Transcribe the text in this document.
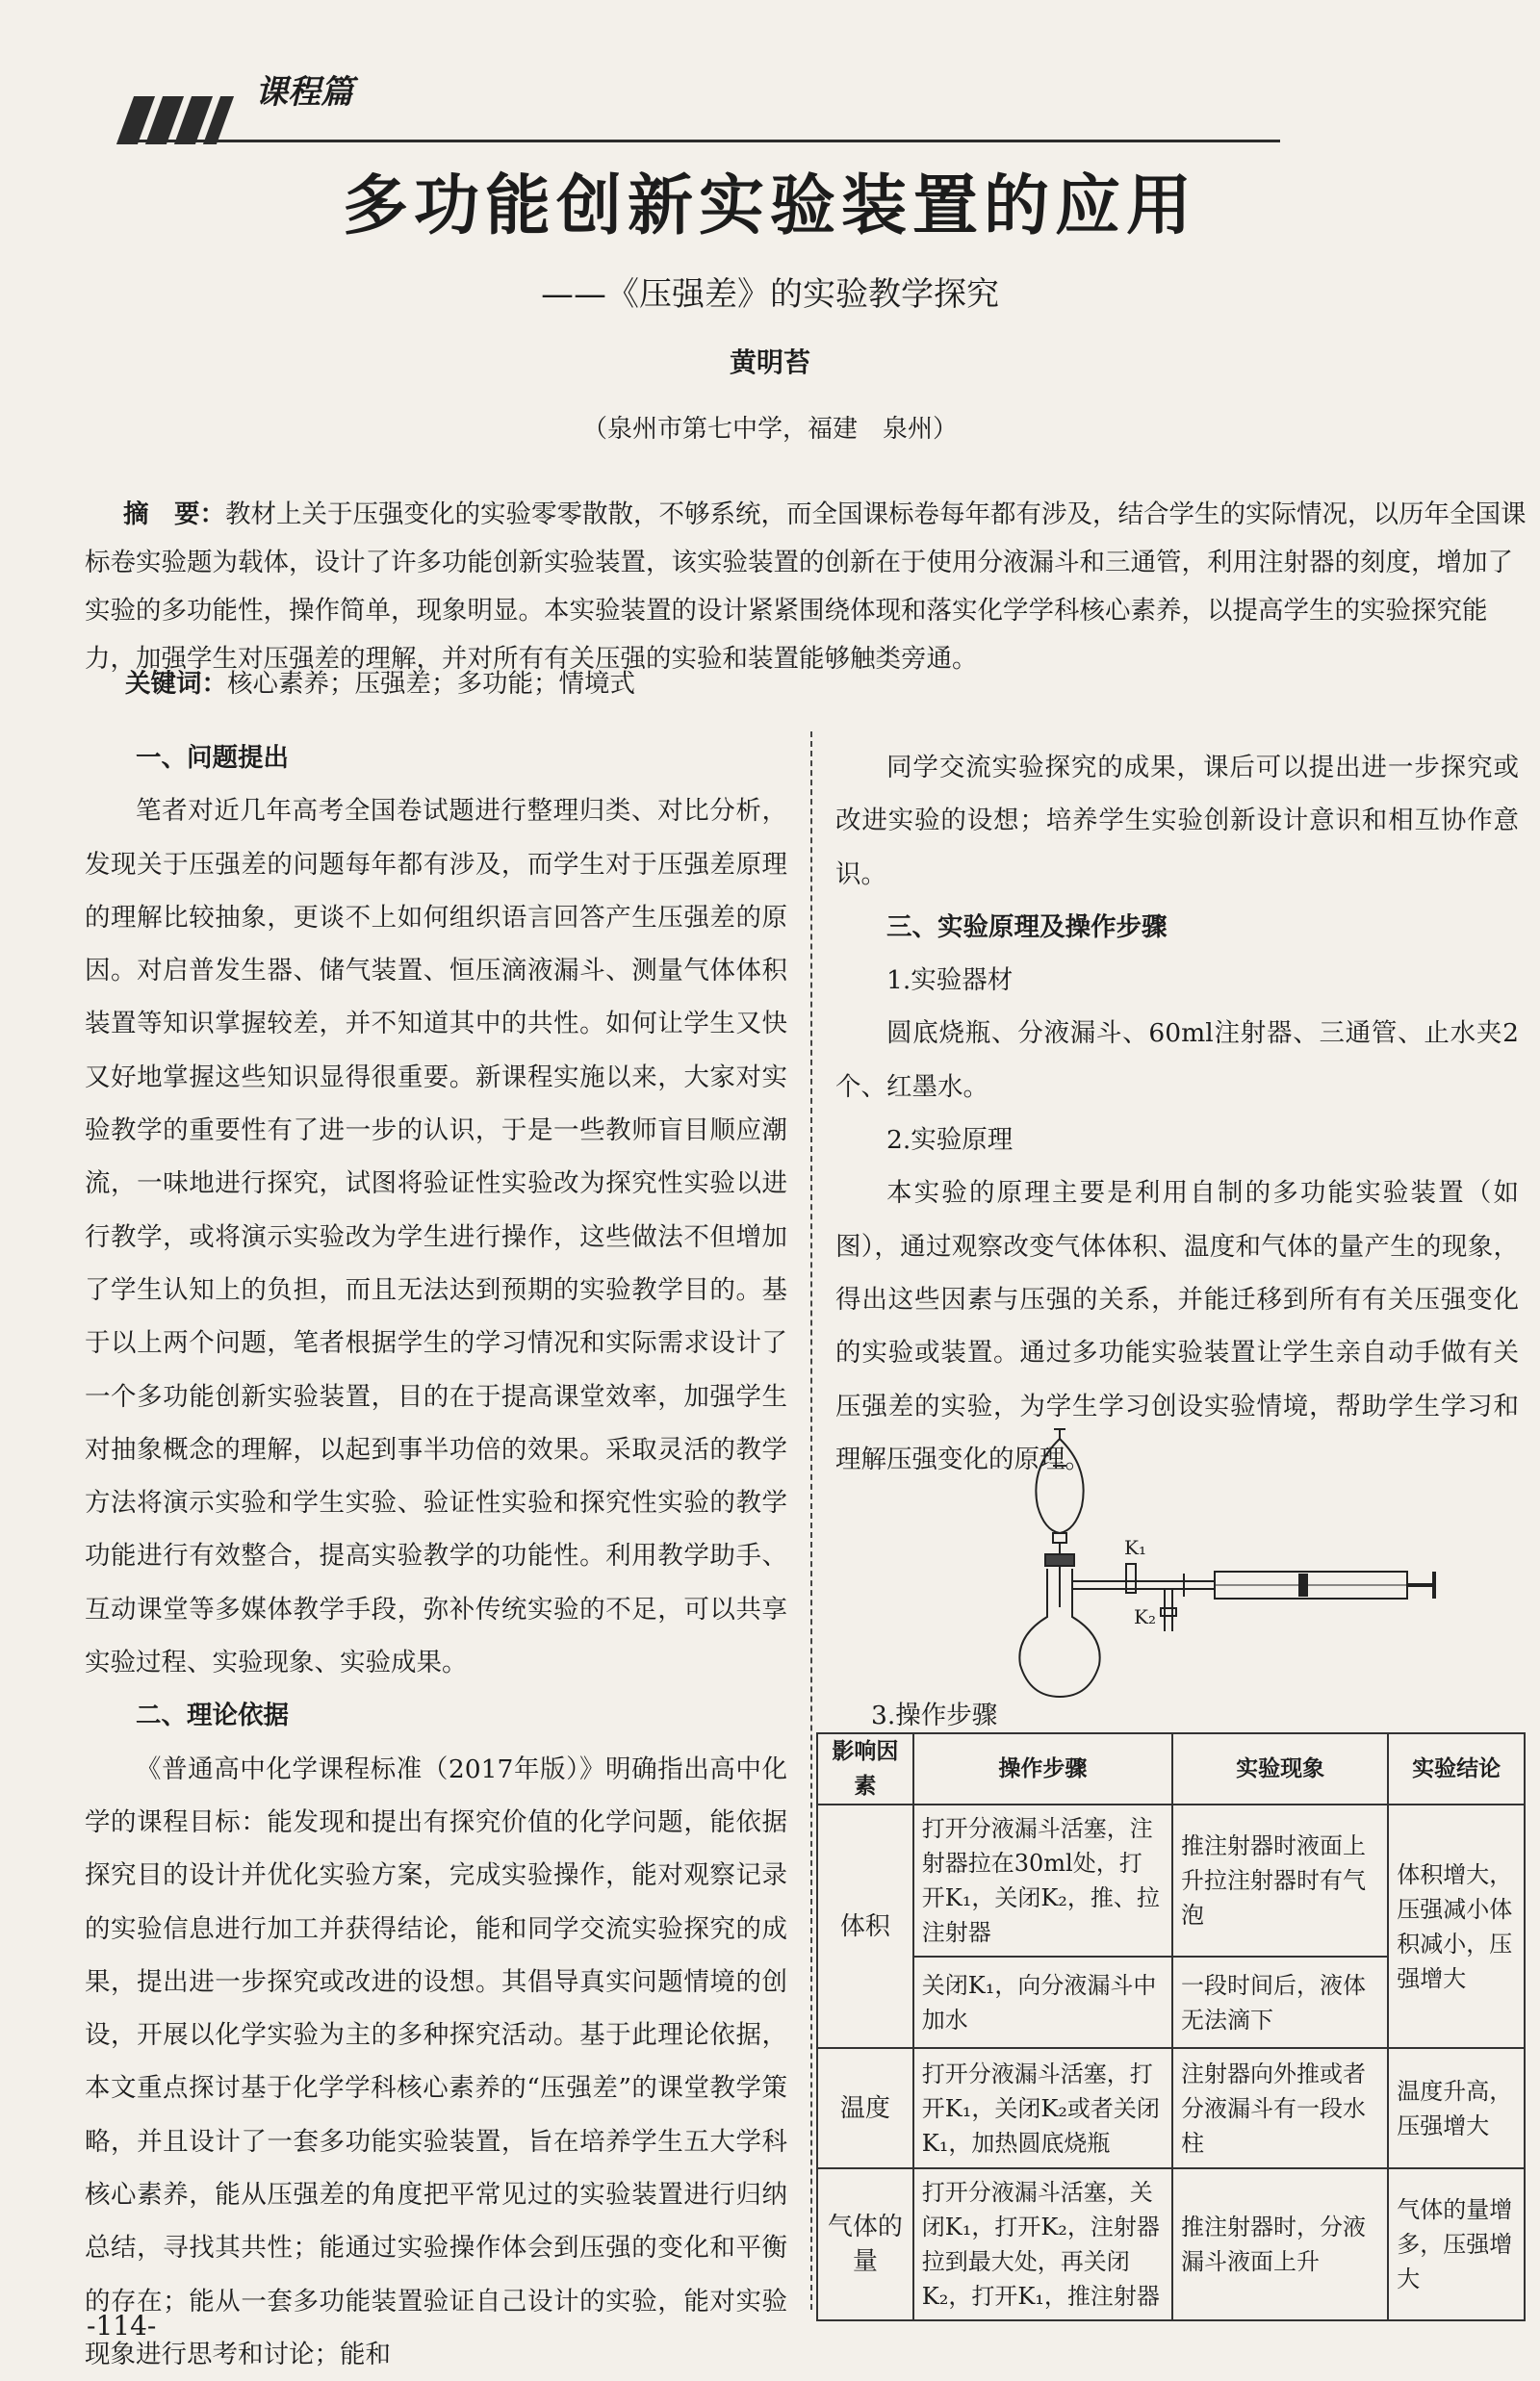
课程篇
多功能创新实验装置的应用
——《压强差》的实验教学探究
黄明苔
（泉州市第七中学，福建　泉州）
摘　要：教材上关于压强变化的实验零零散散，不够系统，而全国课标卷每年都有涉及，结合学生的实际情况，以历年全国课标卷实验题为载体，设计了许多功能创新实验装置，该实验装置的创新在于使用分液漏斗和三通管，利用注射器的刻度，增加了实验的多功能性，操作简单，现象明显。本实验装置的设计紧紧围绕体现和落实化学学科核心素养，以提高学生的实验探究能力，加强学生对压强差的理解，并对所有有关压强的实验和装置能够触类旁通。
关键词：核心素养；压强差；多功能；情境式
一、问题提出

笔者对近几年高考全国卷试题进行整理归类、对比分析，发现关于压强差的问题每年都有涉及，而学生对于压强差原理的理解比较抽象，更谈不上如何组织语言回答产生压强差的原因。对启普发生器、储气装置、恒压滴液漏斗、测量气体体积装置等知识掌握较差，并不知道其中的共性。如何让学生又快又好地掌握这些知识显得很重要。新课程实施以来，大家对实验教学的重要性有了进一步的认识，于是一些教师盲目顺应潮流，一味地进行探究，试图将验证性实验改为探究性实验以进行教学，或将演示实验改为学生进行操作，这些做法不但增加了学生认知上的负担，而且无法达到预期的实验教学目的。基于以上两个问题，笔者根据学生的学习情况和实际需求设计了一个多功能创新实验装置，目的在于提高课堂效率，加强学生对抽象概念的理解，以起到事半功倍的效果。采取灵活的教学方法将演示实验和学生实验、验证性实验和探究性实验的教学功能进行有效整合，提高实验教学的功能性。利用教学助手、互动课堂等多媒体教学手段，弥补传统实验的不足，可以共享实验过程、实验现象、实验成果。

二、理论依据

《普通高中化学课程标准（2017年版）》明确指出高中化学的课程目标：能发现和提出有探究价值的化学问题，能依据探究目的设计并优化实验方案，完成实验操作，能对观察记录的实验信息进行加工并获得结论，能和同学交流实验探究的成果，提出进一步探究或改进的设想。其倡导真实问题情境的创设，开展以化学实验为主的多种探究活动。基于此理论依据，本文重点探讨基于化学学科核心素养的“压强差”的课堂教学策略，并且设计了一套多功能实验装置，旨在培养学生五大学科核心素养，能从压强差的角度把平常见过的实验装置进行归纳总结，寻找其共性；能通过实验操作体会到压强的变化和平衡的存在；能从一套多功能装置验证自己设计的实验，能对实验现象进行思考和讨论；能和

同学交流实验探究的成果，课后可以提出进一步探究或改进实验的设想；培养学生实验创新设计意识和相互协作意识。

三、实验原理及操作步骤
1.实验器材

圆底烧瓶、分液漏斗、60ml注射器、三通管、止水夹2个、红墨水。

2.实验原理

本实验的原理主要是利用自制的多功能实验装置（如图），通过观察改变气体体积、温度和气体的量产生的现象，得出这些因素与压强的关系，并能迁移到所有有关压强变化的实验或装置。通过多功能实验装置让学生亲自动手做有关压强差的实验，为学生学习创设实验情境，帮助学生学习和理解压强变化的原理。

K₁
K₂
3.操作步骤
影响因素	操作步骤	实验现象	实验结论
体积	打开分液漏斗活塞，注射器拉在30ml处，打开K₁，关闭K₂，推、拉注射器	推注射器时液面上升拉注射器时有气泡	体积增大，压强减小体积减小，压强增大
	关闭K₁，向分液漏斗中加水	一段时间后，液体无法滴下	
温度	打开分液漏斗活塞，打开K₁，关闭K₂或者关闭K₁，加热圆底烧瓶	注射器向外推或者分液漏斗有一段水柱	温度升高，压强增大
气体的量	打开分液漏斗活塞，关闭K₁，打开K₂，注射器拉到最大处，再关闭K₂，打开K₁，推注射器	推注射器时，分液漏斗液面上升	气体的量增多，压强增大
-114-
